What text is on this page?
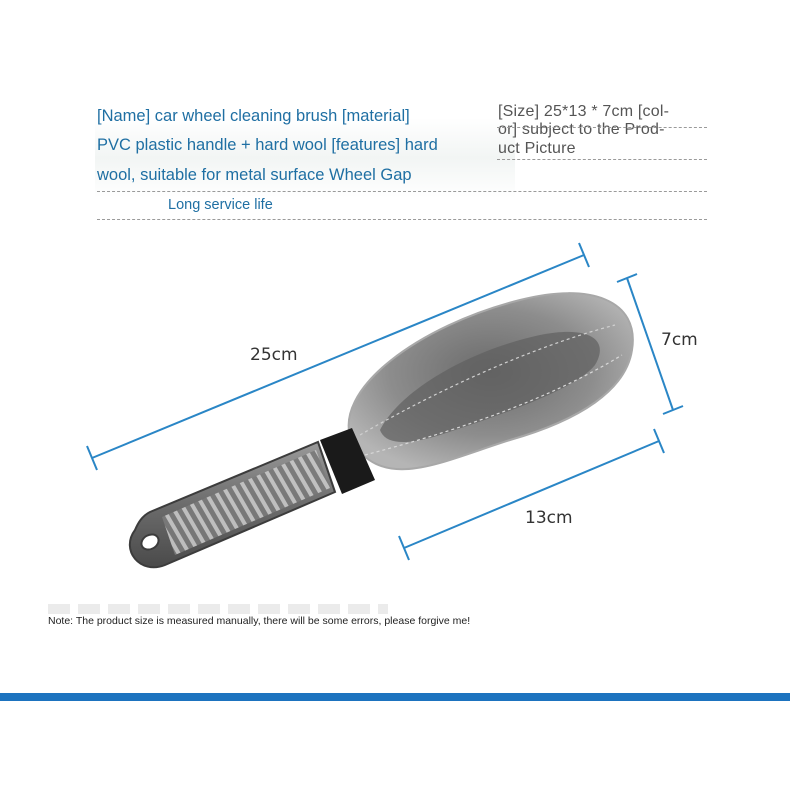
[Name] car wheel cleaning brush [material]
PVC plastic handle + hard wool [features] hard
wool, suitable for metal surface Wheel Gap
Long service life
[Size] 25*13 * 7cm [col-
or] subject to the Prod-
uct Picture
25cm
7cm
13cm
Note: The product size is measured manually, there will be some errors, please forgive me!
